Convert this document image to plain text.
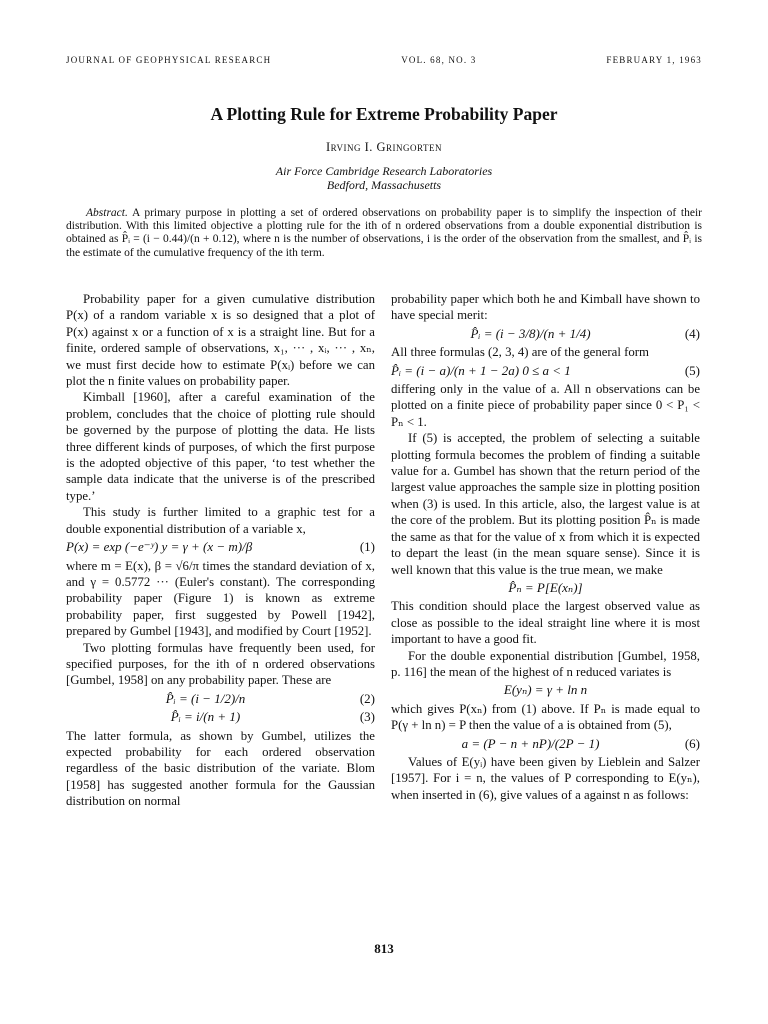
JOURNAL OF GEOPHYSICAL RESEARCH	VOL. 68, NO. 3	FEBRUARY 1, 1963
A Plotting Rule for Extreme Probability Paper
Irving I. Gringorten
Air Force Cambridge Research Laboratories
Bedford, Massachusetts
Abstract. A primary purpose in plotting a set of ordered observations on probability paper is to simplify the inspection of their distribution. With this limited objective a plotting rule for the ith of n ordered observations from a double exponential distribution is obtained as P̂ᵢ = (i − 0.44)/(n + 0.12), where n is the number of observations, i is the order of the observation from the smallest, and P̂ᵢ is the estimate of the cumulative frequency of the ith term.

Probability paper for a given cumulative distribution P(x) of a random variable x is so designed that a plot of P(x) against x or a function of x is a straight line. But for a finite, ordered sample of observations, x₁, ··· , xᵢ, ··· , xₙ, we must first decide how to estimate P(xᵢ) before we can plot the n finite values on probability paper.

Kimball [1960], after a careful examination of the problem, concludes that the choice of plotting rule should be governed by the purpose of plotting the data. He lists three different kinds of purposes, of which the first purpose is the adopted objective of this paper, ‘to test whether the sample data indicate that the universe is of the prescribed type.’

This study is further limited to a graphic test for a double exponential distribution of a variable x,

P(x) = exp (−e⁻ʸ) y = γ + (x − m)/β	(1)

where m = E(x), β = √6/π times the standard deviation of x, and γ = 0.5772 ··· (Euler's constant). The corresponding probability paper (Figure 1) is known as extreme probability paper, first suggested by Powell [1942], prepared by Gumbel [1943], and modified by Court [1952].

Two plotting formulas have frequently been used, for specified purposes, for the ith of n ordered observations [Gumbel, 1958] on any probability paper. These are

P̂ᵢ = (i − 1/2)/n	(2)
P̂ᵢ = i/(n + 1)	(3)

The latter formula, as shown by Gumbel, utilizes the expected probability for each ordered observation regardless of the basic distribution of the variate. Blom [1958] has suggested another formula for the Gaussian distribution on normal

probability paper which both he and Kimball have shown to have special merit:

P̂ᵢ = (i − 3/8)/(n + 1/4)	(4)

All three formulas (2, 3, 4) are of the general form

P̂ᵢ = (i − a)/(n + 1 − 2a) 0 ≤ a < 1	(5)

differing only in the value of a. All n observations can be plotted on a finite piece of probability paper since 0 < P₁ < Pₙ < 1.

If (5) is accepted, the problem of selecting a suitable plotting formula becomes the problem of finding a suitable value for a. Gumbel has shown that the return period of the largest value approaches the sample size in plotting position when (3) is used. In this article, also, the largest value is at the core of the problem. But its plotting position P̂ₙ is made the same as that for the value of x from which it is expected to depart the least (in the mean square sense). Since it is well known that this value is the true mean, we make

P̂ₙ = P[E(xₙ)]

This condition should place the largest observed value as close as possible to the ideal straight line where it is most important to have a good fit.

For the double exponential distribution [Gumbel, 1958, p. 116] the mean of the highest of n reduced variates is

E(yₙ) = γ + ln n

which gives P(xₙ) from (1) above. If Pₙ is made equal to P(γ + ln n) = P then the value of a is obtained from (5),

a = (P − n + nP)/(2P − 1)	(6)

Values of E(yᵢ) have been given by Lieblein and Salzer [1957]. For i = n, the values of P corresponding to E(yₙ), when inserted in (6), give values of a against n as follows:

813
